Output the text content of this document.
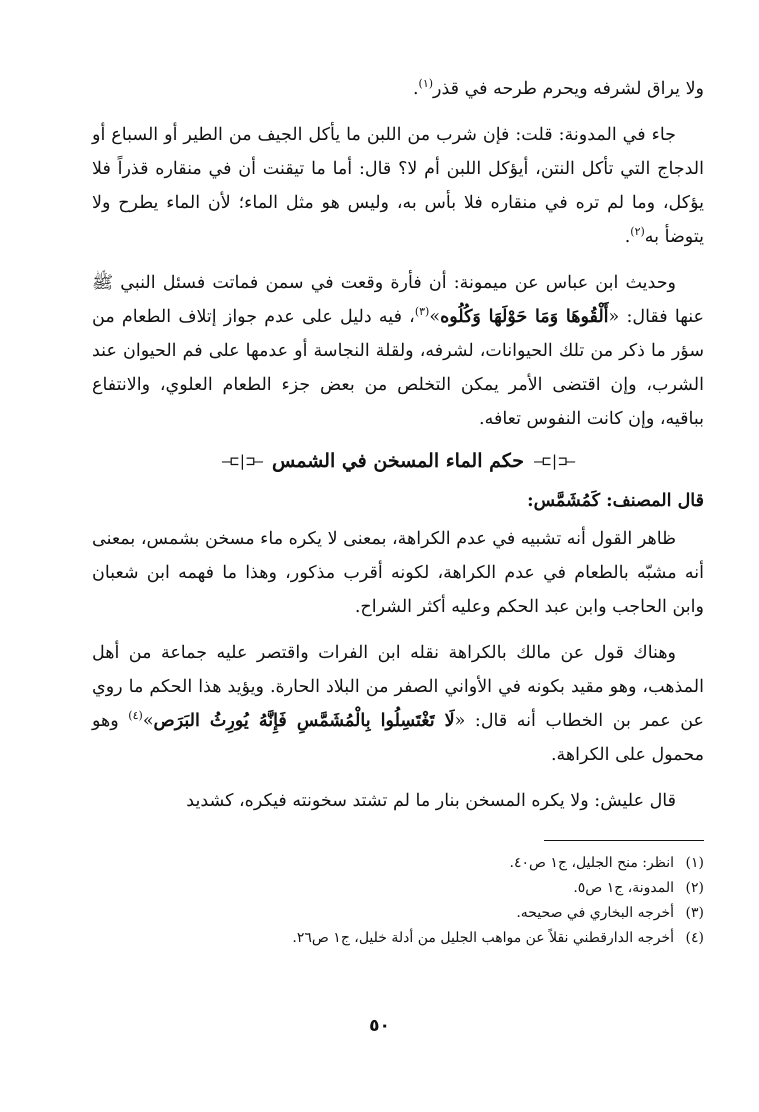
ولا يراق لشرفه ويحرم طرحه في قذر$^{(١)}$.

جاء في المدونة: قلت: فإن شرب من اللبن ما يأكل الجيف من الطير أو السباع أو الدجاج التي تأكل النتن، أيؤكل اللبن أم لا؟ قال: أما ما تيقنت أن في منقاره قذراً فلا يؤكل، وما لم تره في منقاره فلا بأس به، وليس هو مثل الماء؛ لأن الماء يطرح ولا يتوضأ به$^{(٢)}$.

وحديث ابن عباس عن ميمونة: أن فأرة وقعت في سمن فماتت فسئل النبي ﷺ عنها فقال: «أَلْقُوهَا وَمَا حَوْلَهَا وَكُلُوه»$^{(٣)}$، فيه دليل على عدم جواز إتلاف الطعام من سؤر ما ذكر من تلك الحيوانات، لشرفه، ولقلة النجاسة أو عدمها على فم الحيوان عند الشرب، وإن اقتضى الأمر يمكن التخلص من بعض جزء الطعام العلوي، والانتفاع بباقيه، وإن كانت النفوس تعافه.

—⊏|⊐—
حكم الماء المسخن في الشمس
—⊏|⊐—
قال المصنف: كَمُشَمَّس:

ظاهر القول أنه تشبيه في عدم الكراهة، بمعنى لا يكره ماء مسخن بشمس، بمعنى أنه مشبّه بالطعام في عدم الكراهة، لكونه أقرب مذكور، وهذا ما فهمه ابن شعبان وابن الحاجب وابن عبد الحكم وعليه أكثر الشراح.

وهناك قول عن مالك بالكراهة نقله ابن الفرات واقتصر عليه جماعة من أهل المذهب، وهو مقيد بكونه في الأواني الصفر من البلاد الحارة. ويؤيد هذا الحكم ما روي عن عمر بن الخطاب أنه قال: «لَا تَغْتَسِلُوا بِالْمُشَمَّسِ فَإِنَّهُ يُورِثُ البَرَص»$^{(٤)}$ وهو محمول على الكراهة.

قال عليش: ولا يكره المسخن بنار ما لم تشتد سخونته فيكره، كشديد

(١)
انظر: منح الجليل، ج١ ص٤٠.
(٢)
المدونة، ج١ ص٥.
(٣)
أخرجه البخاري في صحيحه.
(٤)
أخرجه الدارقطني نقلاً عن مواهب الجليل من أدلة خليل، ج١ ص٢٦.
٥٠
